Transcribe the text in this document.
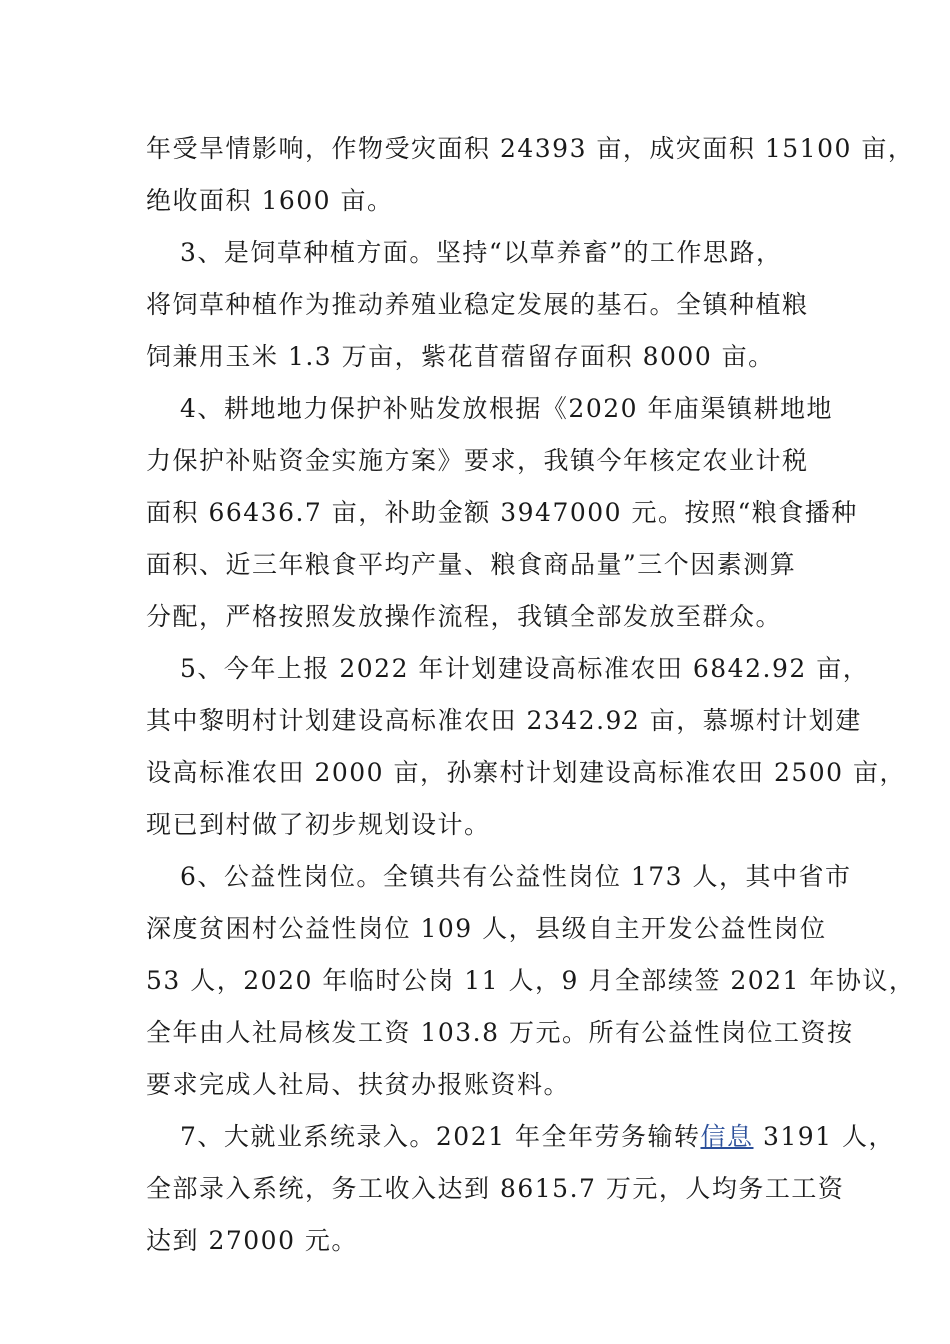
年受旱情影响，作物受灾面积 24393 亩，成灾面积 15100 亩，
绝收面积 1600 亩。
3、是饲草种植方面。坚持“以草养畜”的工作思路，
将饲草种植作为推动养殖业稳定发展的基石。全镇种植粮
饲兼用玉米 1.3 万亩，紫花苜蓿留存面积 8000 亩。
4、耕地地力保护补贴发放根据《2020 年庙渠镇耕地地
力保护补贴资金实施方案》要求，我镇今年核定农业计税
面积 66436.7 亩，补助金额 3947000 元。按照“粮食播种
面积、近三年粮食平均产量、粮食商品量”三个因素测算
分配，严格按照发放操作流程，我镇全部发放至群众。
5、今年上报 2022 年计划建设高标准农田 6842.92 亩，
其中黎明村计划建设高标准农田 2342.92 亩，慕塬村计划建
设高标准农田 2000 亩，孙寨村计划建设高标准农田 2500 亩，
现已到村做了初步规划设计。
6、公益性岗位。全镇共有公益性岗位 173 人，其中省市
深度贫困村公益性岗位 109 人，县级自主开发公益性岗位
53 人，2020 年临时公岗 11 人，9 月全部续签 2021 年协议，
全年由人社局核发工资 103.8 万元。所有公益性岗位工资按
要求完成人社局、扶贫办报账资料。
7、大就业系统录入。2021 年全年劳务输转信息 3191 人，
全部录入系统，务工收入达到 8615.7 万元，人均务工工资
达到 27000 元。
